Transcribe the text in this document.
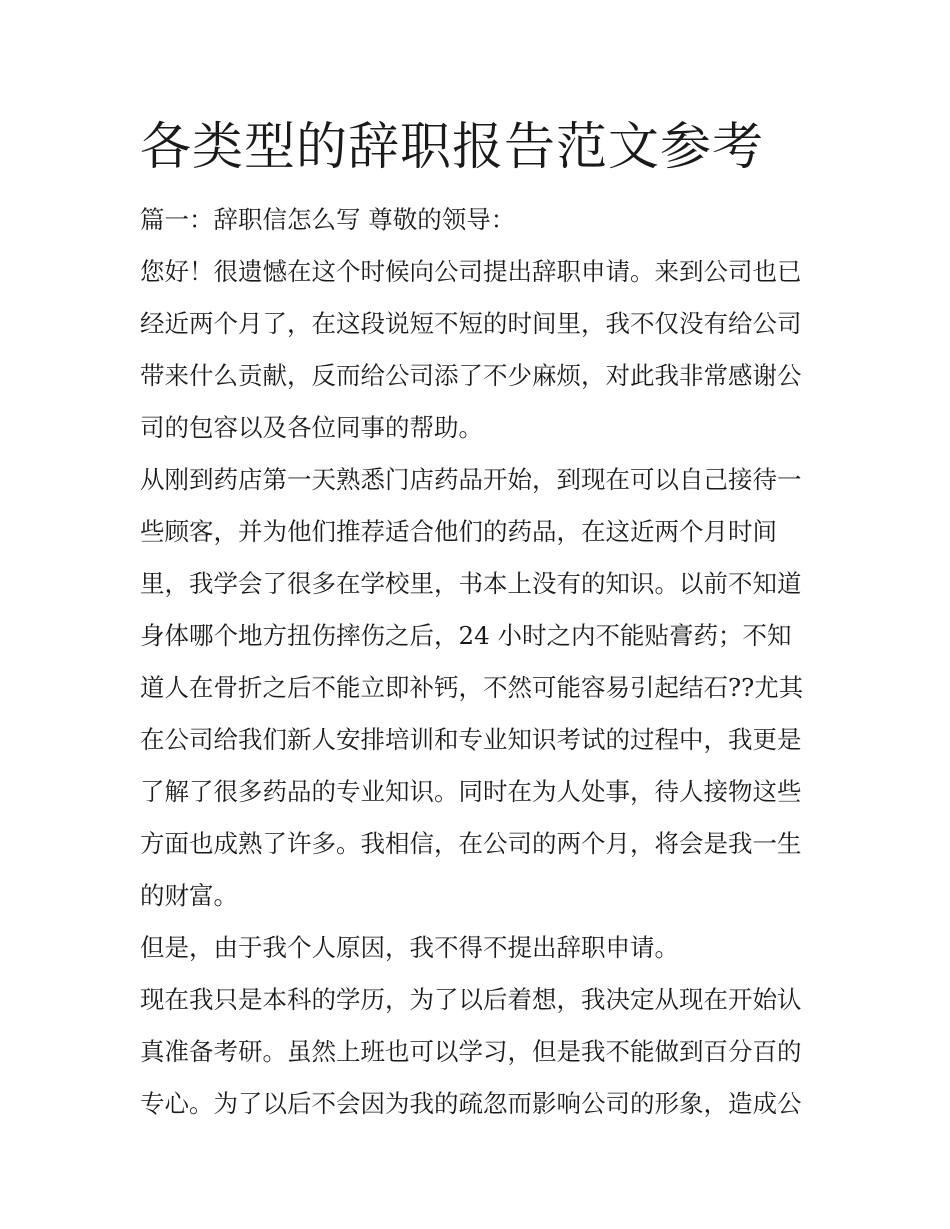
各类型的辞职报告范文参考

篇一：辞职信怎么写 尊敬的领导：

您好！很遗憾在这个时候向公司提出辞职申请。来到公司也已

经近两个月了，在这段说短不短的时间里，我不仅没有给公司

带来什么贡献，反而给公司添了不少麻烦，对此我非常感谢公

司的包容以及各位同事的帮助。

从刚到药店第一天熟悉门店药品开始，到现在可以自己接待一

些顾客，并为他们推荐适合他们的药品，在这近两个月时间

里，我学会了很多在学校里，书本上没有的知识。以前不知道

身体哪个地方扭伤摔伤之后，24 小时之内不能贴膏药；不知

道人在骨折之后不能立即补钙，不然可能容易引起结石??尤其

在公司给我们新人安排培训和专业知识考试的过程中，我更是

了解了很多药品的专业知识。同时在为人处事，待人接物这些

方面也成熟了许多。我相信，在公司的两个月，将会是我一生

的财富。

但是，由于我个人原因，我不得不提出辞职申请。

现在我只是本科的学历，为了以后着想，我决定从现在开始认

真准备考研。虽然上班也可以学习，但是我不能做到百分百的

专心。为了以后不会因为我的疏忽而影响公司的形象，造成公
